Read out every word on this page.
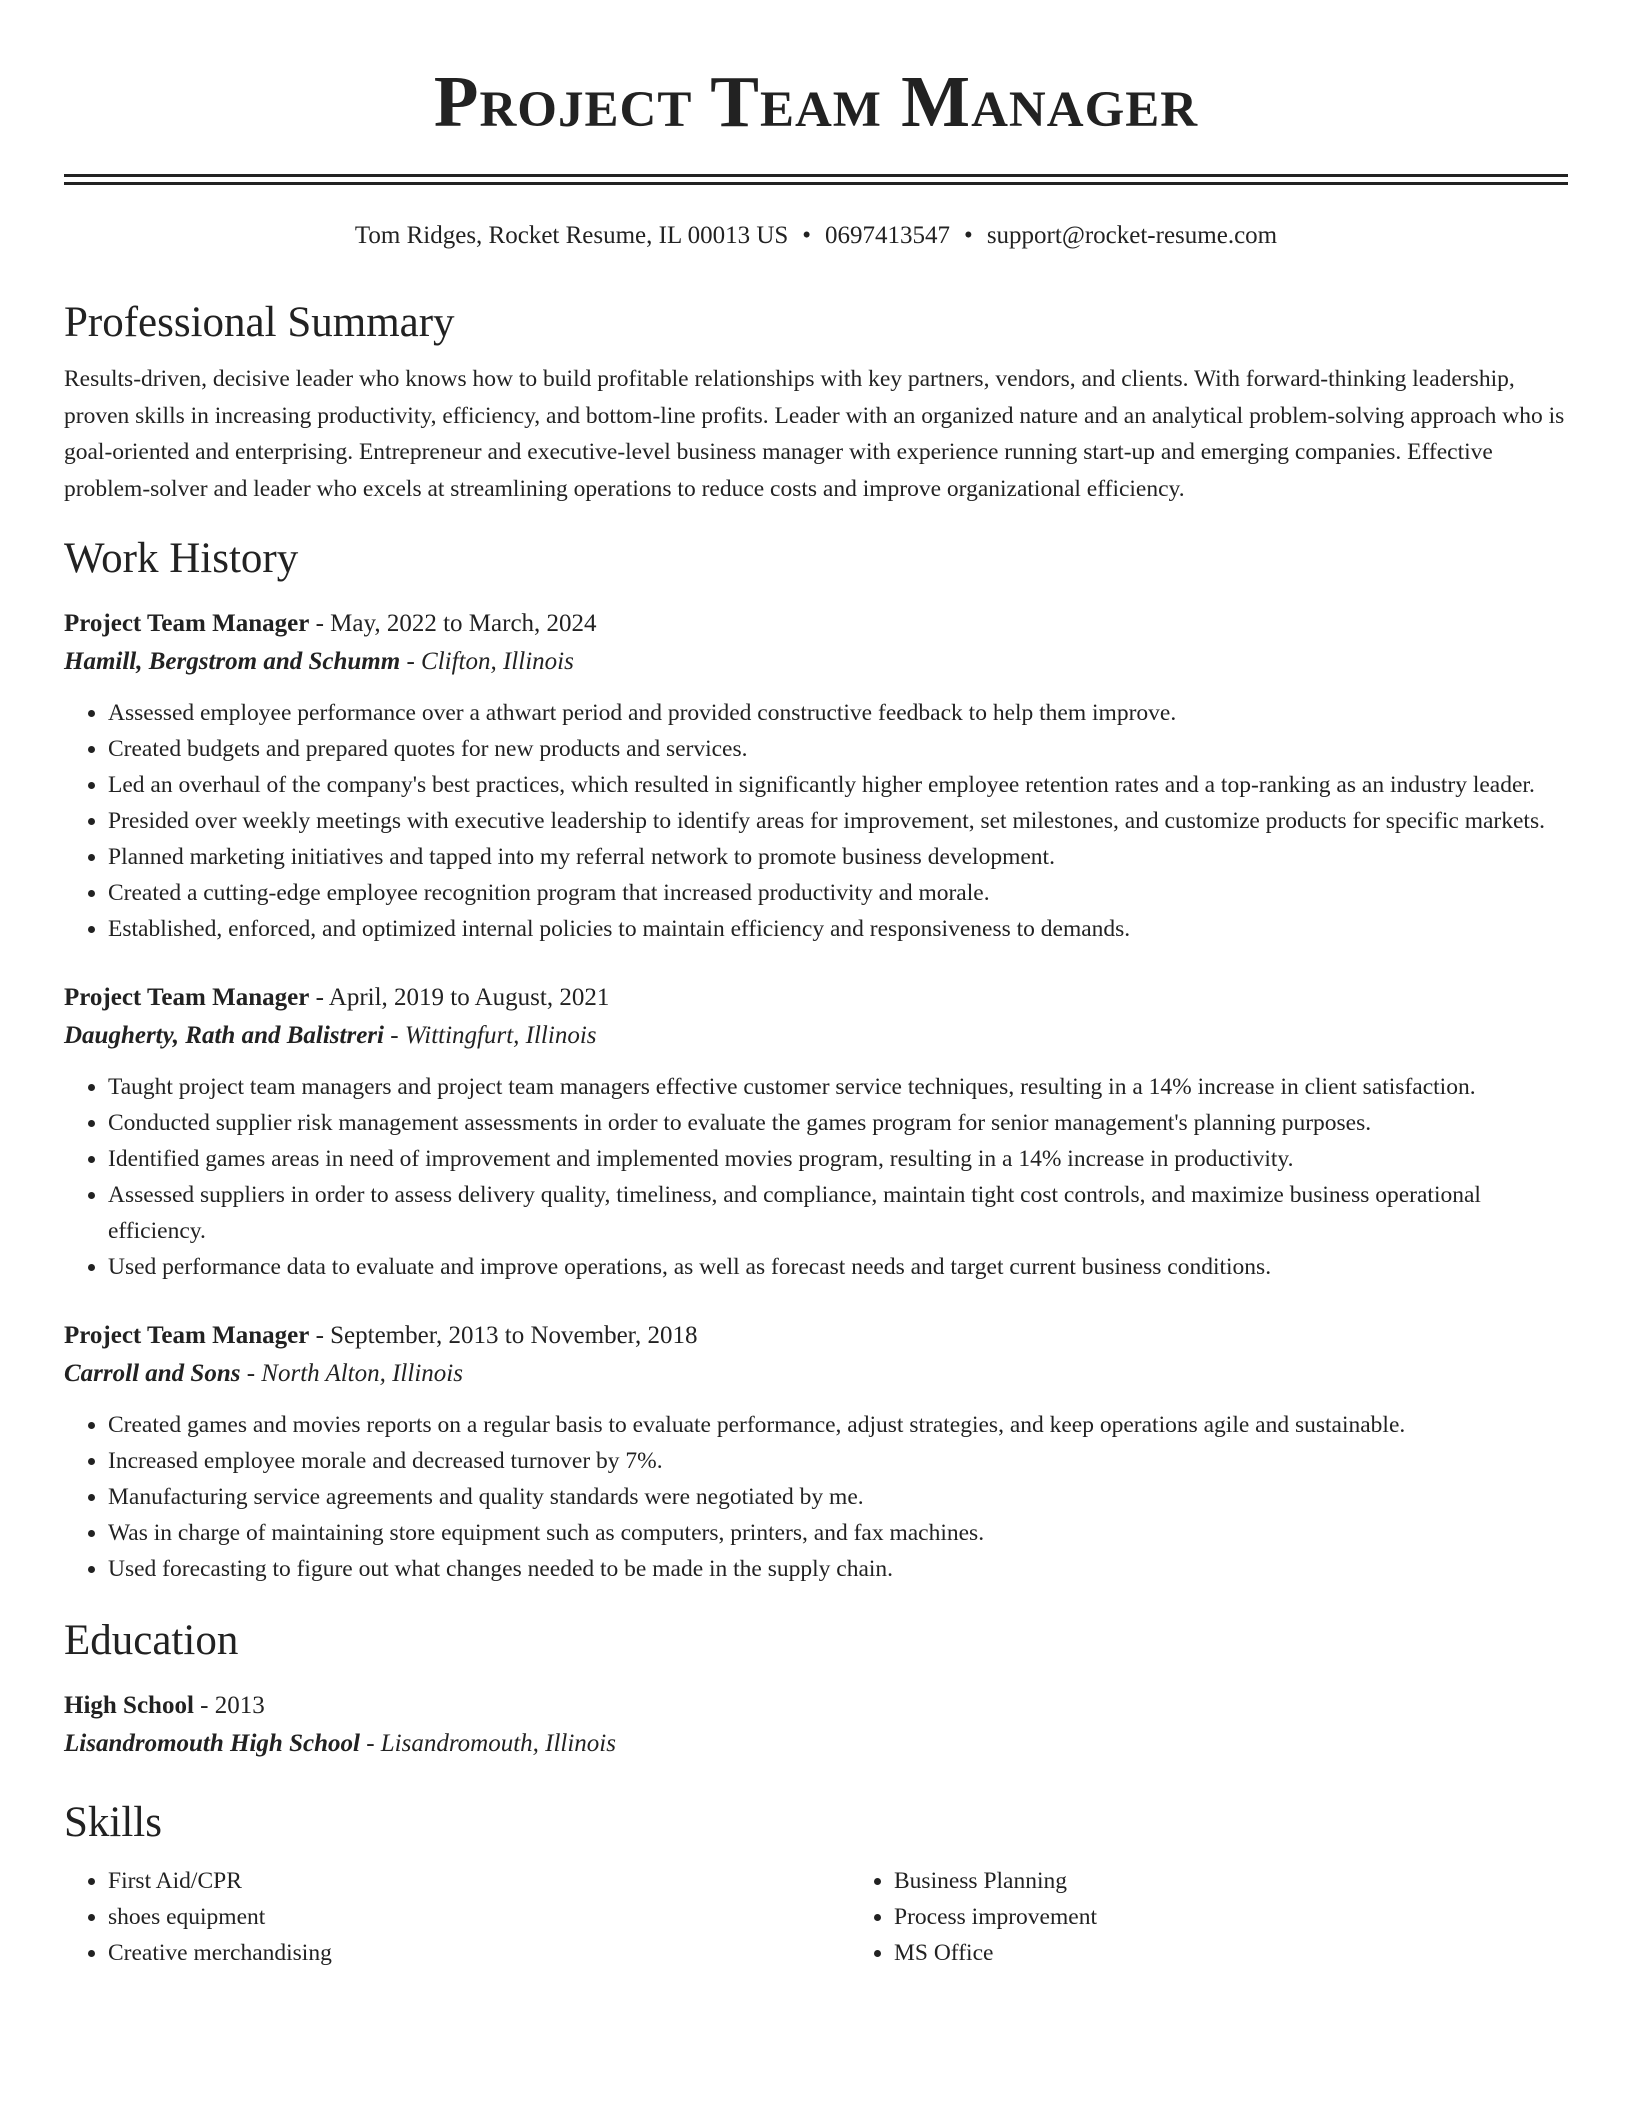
Project Team Manager
Tom Ridges, Rocket Resume, IL 00013 US • 0697413547 • support@rocket-resume.com
Professional Summary

Results-driven, decisive leader who knows how to build profitable relationships with key partners, vendors, and clients. With forward-thinking leadership, proven skills in increasing productivity, efficiency, and bottom-line profits. Leader with an organized nature and an analytical problem-solving approach who is goal-oriented and enterprising. Entrepreneur and executive-level business manager with experience running start-up and emerging companies. Effective problem-solver and leader who excels at streamlining operations to reduce costs and improve organizational efficiency.

Work History
Project Team Manager - May, 2022 to March, 2024
Hamill, Bergstrom and Schumm - Clifton, Illinois
• Assessed employee performance over a athwart period and provided constructive feedback to help them improve.
• Created budgets and prepared quotes for new products and services.
• Led an overhaul of the company's best practices, which resulted in significantly higher employee retention rates and a top-ranking as an industry leader.
• Presided over weekly meetings with executive leadership to identify areas for improvement, set milestones, and customize products for specific markets.
• Planned marketing initiatives and tapped into my referral network to promote business development.
• Created a cutting-edge employee recognition program that increased productivity and morale.
• Established, enforced, and optimized internal policies to maintain efficiency and responsiveness to demands.
Project Team Manager - April, 2019 to August, 2021
Daugherty, Rath and Balistreri - Wittingfurt, Illinois
• Taught project team managers and project team managers effective customer service techniques, resulting in a 14% increase in client satisfaction.
• Conducted supplier risk management assessments in order to evaluate the games program for senior management's planning purposes.
• Identified games areas in need of improvement and implemented movies program, resulting in a 14% increase in productivity.
• Assessed suppliers in order to assess delivery quality, timeliness, and compliance, maintain tight cost controls, and maximize business operational efficiency.
• Used performance data to evaluate and improve operations, as well as forecast needs and target current business conditions.
Project Team Manager - September, 2013 to November, 2018
Carroll and Sons - North Alton, Illinois
• Created games and movies reports on a regular basis to evaluate performance, adjust strategies, and keep operations agile and sustainable.
• Increased employee morale and decreased turnover by 7%.
• Manufacturing service agreements and quality standards were negotiated by me.
• Was in charge of maintaining store equipment such as computers, printers, and fax machines.
• Used forecasting to figure out what changes needed to be made in the supply chain.
Education
High School - 2013
Lisandromouth High School - Lisandromouth, Illinois
Skills
• First Aid/CPR
• shoes equipment
• Creative merchandising
• Business Planning
• Process improvement
• MS Office
